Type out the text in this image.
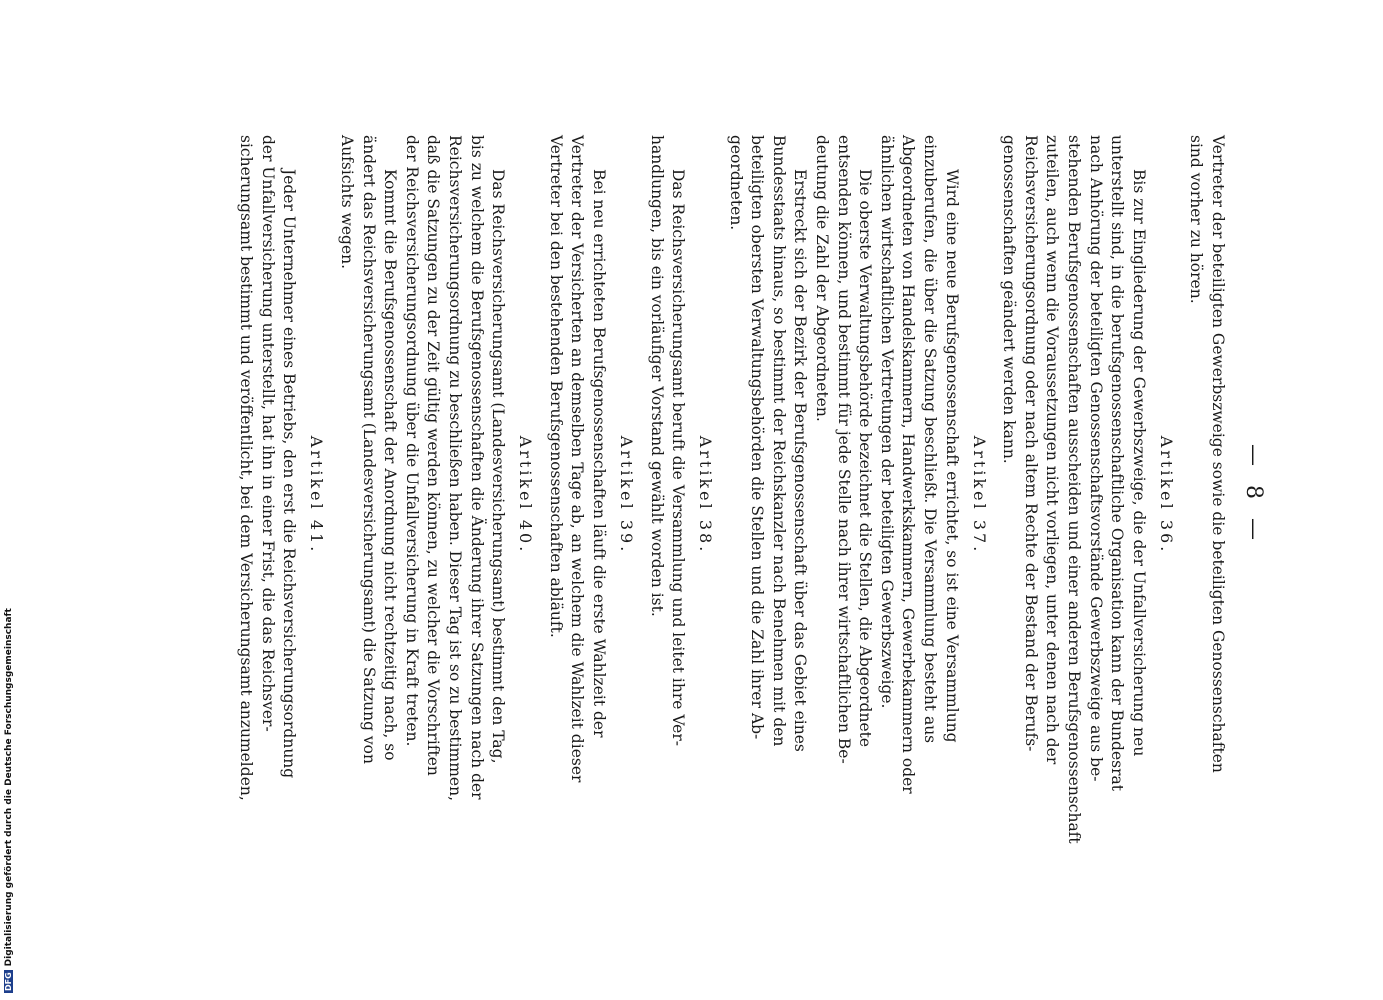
— 8 —
Vertreter der beteiligten Gewerbszweige sowie die beteiligten Genossenschaften
sind vorher zu hören.
Artikel 36.
Bis zur Eingliederung der Gewerbszweige, die der Unfallversicherung neu
unterstellt sind, in die berufsgenossenschaftliche Organisation kann der Bundesrat
nach Anhörung der beteiligten Genossenschaftsvorstände Gewerbszweige aus be-
stehenden Berufsgenossenschaften ausscheiden und einer anderen Berufsgenossenschaft
zuteilen, auch wenn die Voraussetzungen nicht vorliegen, unter denen nach der
Reichsversicherungsordnung oder nach altem Rechte der Bestand der Berufs-
genossenschaften geändert werden kann.
Artikel 37.
Wird eine neue Berufsgenossenschaft errichtet, so ist eine Versammlung
einzuberufen, die über die Satzung beschließt. Die Versammlung besteht aus
Abgeordneten von Handelskammern, Handwerkskammern, Gewerbekammern oder
ähnlichen wirtschaftlichen Vertretungen der beteiligten Gewerbszweige.
Die oberste Verwaltungsbehörde bezeichnet die Stellen, die Abgeordnete
entsenden können, und bestimmt für jede Stelle nach ihrer wirtschaftlichen Be-
deutung die Zahl der Abgeordneten.
Erstreckt sich der Bezirk der Berufsgenossenschaft über das Gebiet eines
Bundesstaats hinaus, so bestimmt der Reichskanzler nach Benehmen mit den
beteiligten obersten Verwaltungsbehörden die Stellen und die Zahl ihrer Ab-
geordneten.
Artikel 38.
Das Reichsversicherungsamt beruft die Versammlung und leitet ihre Ver-
handlungen, bis ein vorläufiger Vorstand gewählt worden ist.
Artikel 39.
Bei neu errichteten Berufsgenossenschaften läuft die erste Wahlzeit der
Vertreter der Versicherten an demselben Tage ab, an welchem die Wahlzeit dieser
Vertreter bei den bestehenden Berufsgenossenschaften abläuft.
Artikel 40.
Das Reichsversicherungsamt (Landesversicherungsamt) bestimmt den Tag,
bis zu welchem die Berufsgenossenschaften die Änderung ihrer Satzungen nach der
Reichsversicherungsordnung zu beschließen haben. Dieser Tag ist so zu bestimmen,
daß die Satzungen zu der Zeit gültig werden können, zu welcher die Vorschriften
der Reichsversicherungsordnung über die Unfallversicherung in Kraft treten.
Kommt die Berufsgenossenschaft der Anordnung nicht rechtzeitig nach, so
ändert das Reichsversicherungsamt (Landesversicherungsamt) die Satzung von
Aufsichts wegen.
Artikel 41.
Jeder Unternehmer eines Betriebs, den erst die Reichsversicherungsordnung
der Unfallversicherung unterstellt, hat ihn in einer Frist, die das Reichsver-
sicherungsamt bestimmt und veröffentlicht, bei dem Versicherungsamt anzumelden,
DFGDigitalisierung gefördert durch die Deutsche Forschungsgemeinschaft
